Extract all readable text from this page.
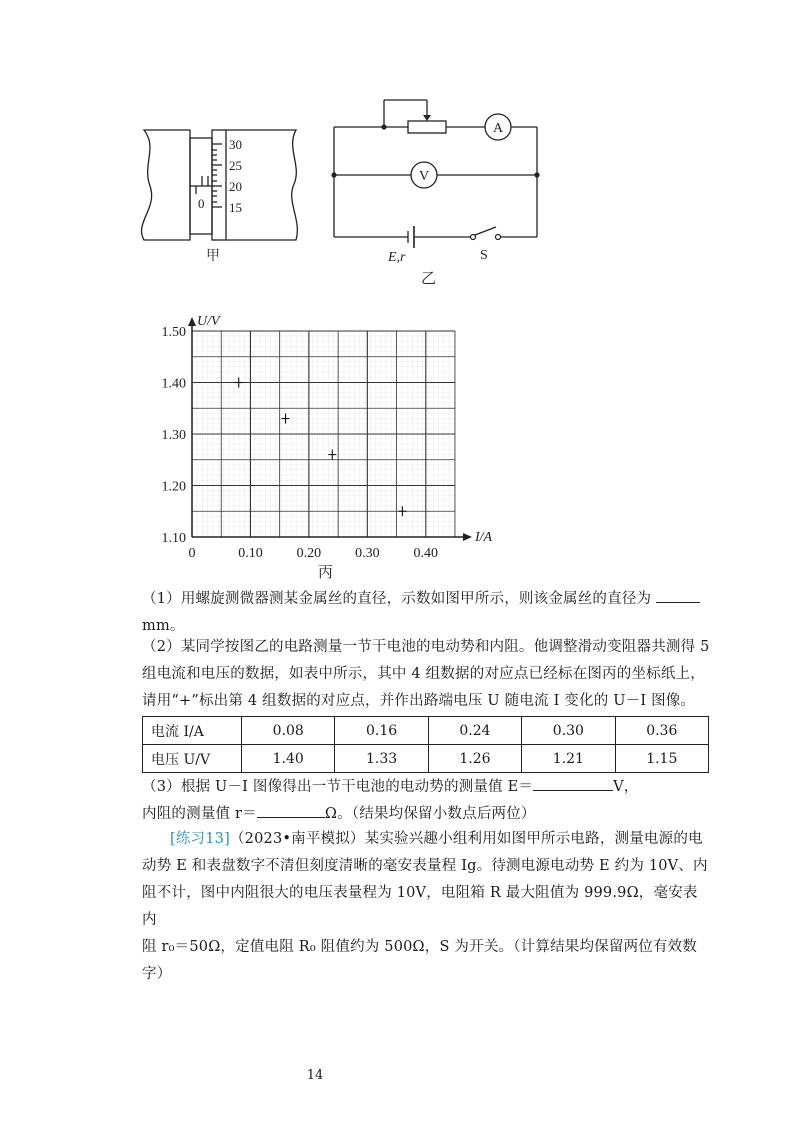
30
25
20
15
0
甲
A
V
E,r	S
乙
U/V
I/A
0	0.10 0.20 0.30 0.40
1.50
1.40
1.30
1.20
1.10
丙
（1）用螺旋测微器测某金属丝的直径，示数如图甲所示，则该金属丝的直径为
mm。
（2）某同学按图乙的电路测量一节干电池的电动势和内阻。他调整滑动变阻器共测得 5
组电流和电压的数据，如表中所示，其中 4 组数据的对应点已经标在图丙的坐标纸上，
请用“+”标出第 4 组数据的对应点，并作出路端电压 U 随电流 I 变化的 U－I 图像。
电流 I/A	0.08	0.16	0.24	0.30	0.36
电压 U/V	1.40	1.33	1.26	1.21	1.15
（3）根据 U－I 图像得出一节干电池的电动势的测量值 E＝	V，
内阻的测量值 r＝	Ω。（结果均保留小数点后两位）
[练习13]（2023•南平模拟）某实验兴趣小组利用如图甲所示电路，测量电源的电
动势 E 和表盘数字不清但刻度清晰的毫安表量程 Ig。待测电源电动势 E 约为 10V、内
阻不计，图中内阻很大的电压表量程为 10V，电阻箱 R 最大阻值为 999.9Ω，毫安表内
阻 r₀＝50Ω，定值电阻 R₀ 阻值约为 500Ω，S 为开关。（计算结果均保留两位有效数
字）
14
